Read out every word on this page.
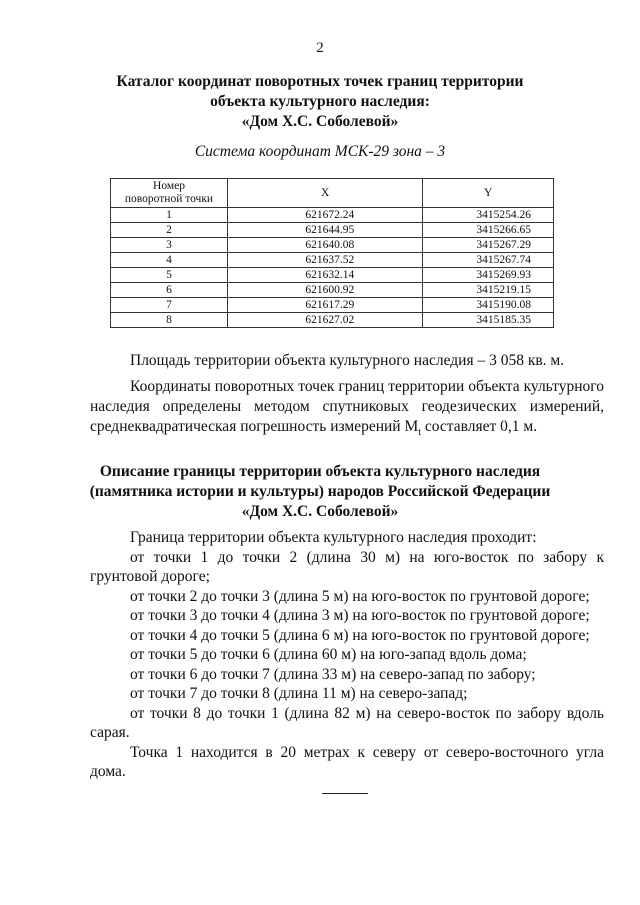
2
Каталог координат поворотных точек границ территории
объекта культурного наследия:
«Дом Х.С. Соболевой»
Система координат МСК-29 зона – 3
Номер
поворотной точки	X	Y
1	621672.24	3415254.26
2	621644.95	3415266.65
3	621640.08	3415267.29
4	621637.52	3415267.74
5	621632.14	3415269.93
6	621600.92	3415219.15
7	621617.29	3415190.08
8	621627.02	3415185.35
Площадь территории объекта культурного наследия – 3 058 кв. м.
Координаты поворотных точек границ территории объекта культурного наследия определены методом спутниковых геодезических измерений, среднеквадратическая погрешность измерений $M_t$ составляет 0,1 м.
Описание границы территории объекта культурного наследия
(памятника истории и культуры) народов Российской Федерации
«Дом Х.С. Соболевой»

Граница территории объекта культурного наследия проходит:

от точки 1 до точки 2 (длина 30 м) на юго-восток по забору к грунтовой дороге;

от точки 2 до точки 3 (длина 5 м) на юго-восток по грунтовой дороге;

от точки 3 до точки 4 (длина 3 м) на юго-восток по грунтовой дороге;

от точки 4 до точки 5 (длина 6 м) на юго-восток по грунтовой дороге;

от точки 5 до точки 6 (длина 60 м) на юго-запад вдоль дома;

от точки 6 до точки 7 (длина 33 м) на северо-запад по забору;

от точки 7 до точки 8 (длина 11 м) на северо-запад;

от точки 8 до точки 1 (длина 82 м) на северо-восток по забору вдоль сарая.

Точка 1 находится в 20 метрах к северу от северо-восточного угла дома.
